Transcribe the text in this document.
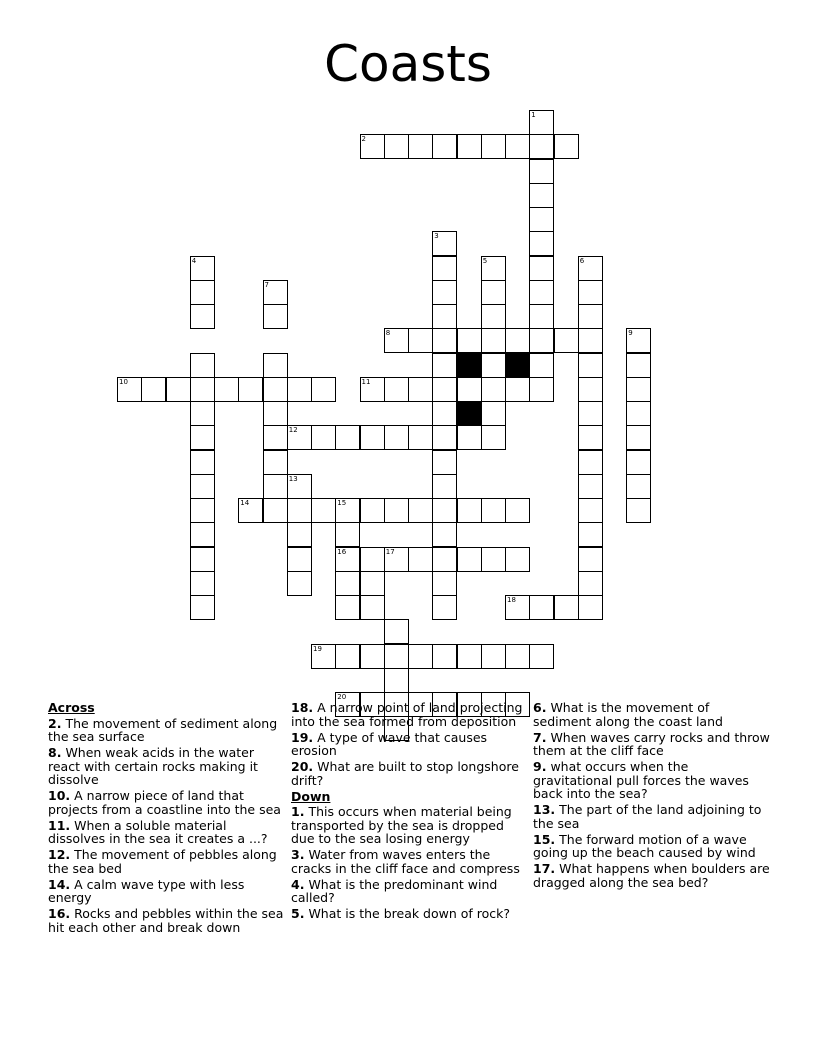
Coasts
1
2
3
4	5	6
7
8	9
10	11
12
13
14	15
16	17
18
19
20
Across
2. The movement of sediment along the sea surface
8. When weak acids in the water react with certain rocks making it dissolve
10. A narrow piece of land that projects from a coastline into the sea
11. When a soluble material dissolves in the sea it creates a ...?
12. The movement of pebbles along the sea bed
14. A calm wave type with less energy
16. Rocks and pebbles within the sea hit each other and break down
18. A narrow point of land projecting into the sea formed from deposition
19. A type of wave that causes erosion
20. What are built to stop longshore drift?
Down
1. This occurs when material being transported by the sea is dropped due to the sea losing energy
3. Water from waves enters the cracks in the cliff face and compress
4. What is the predominant wind called?
5. What is the break down of rock?
6. What is the movement of sediment along the coast land
7. When waves carry rocks and throw them at the cliff face
9. what occurs when the gravitational pull forces the waves back into the sea?
13. The part of the land adjoining to the sea
15. The forward motion of a wave going up the beach caused by wind
17. What happens when boulders are dragged along the sea bed?
